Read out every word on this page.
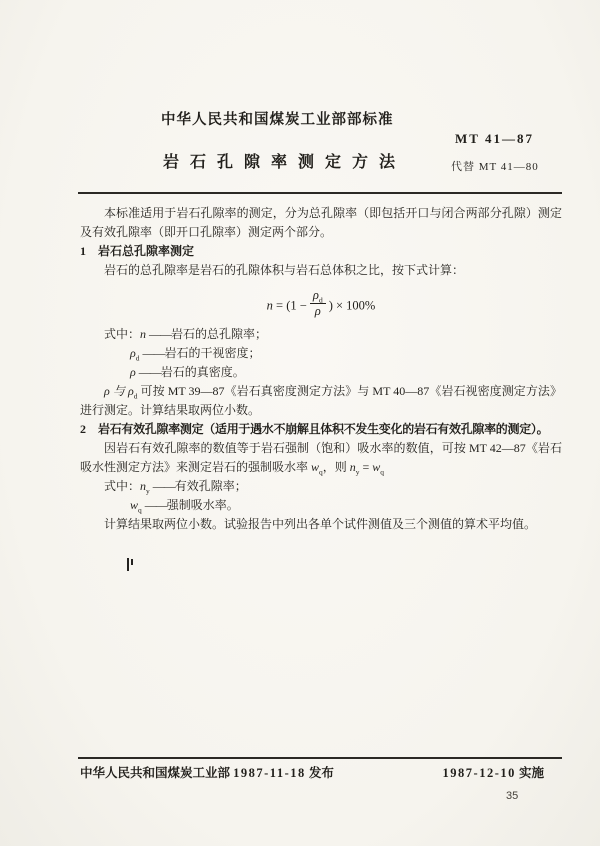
中华人民共和国煤炭工业部部标准
MT 41—87
岩 石 孔 隙 率 测 定 方 法	代替 MT 41—80

本标准适用于岩石孔隙率的测定，分为总孔隙率（即包括开口与闭合两部分孔隙）测定及有效孔隙率（即开口孔隙率）测定两个部分。

1 岩石总孔隙率测定

岩石的总孔隙率是岩石的孔隙体积与岩石总体积之比，按下式计算：

$n = (1 - \frac{\rho_d}{\rho}$ ) × 100%

式中：n ——岩石的总孔隙率；

$\rho_d$ ——岩石的干视密度；

ρ ——岩石的真密度。

ρ 与 $\rho_d$ 可按 MT 39—87《岩石真密度测定方法》与 MT 40—87《岩石视密度测定方法》进行测定。计算结果取两位小数。

2 岩石有效孔隙率测定（适用于遇水不崩解且体积不发生变化的岩石有效孔隙率的测定）。

因岩石有效孔隙率的数值等于岩石强制（饱和）吸水率的数值，可按 MT 42—87《岩石吸水性测定方法》来测定岩石的强制吸水率 $w_q$，则 $n_y = w_q$

式中：$n_y$ ——有效孔隙率；

$w_q$ ——强制吸水率。

计算结果取两位小数。试验报告中列出各单个试件测值及三个测值的算术平均值。

中华人民共和国煤炭工业部 1987-11-18 发布	1987-12-10 实施
35
